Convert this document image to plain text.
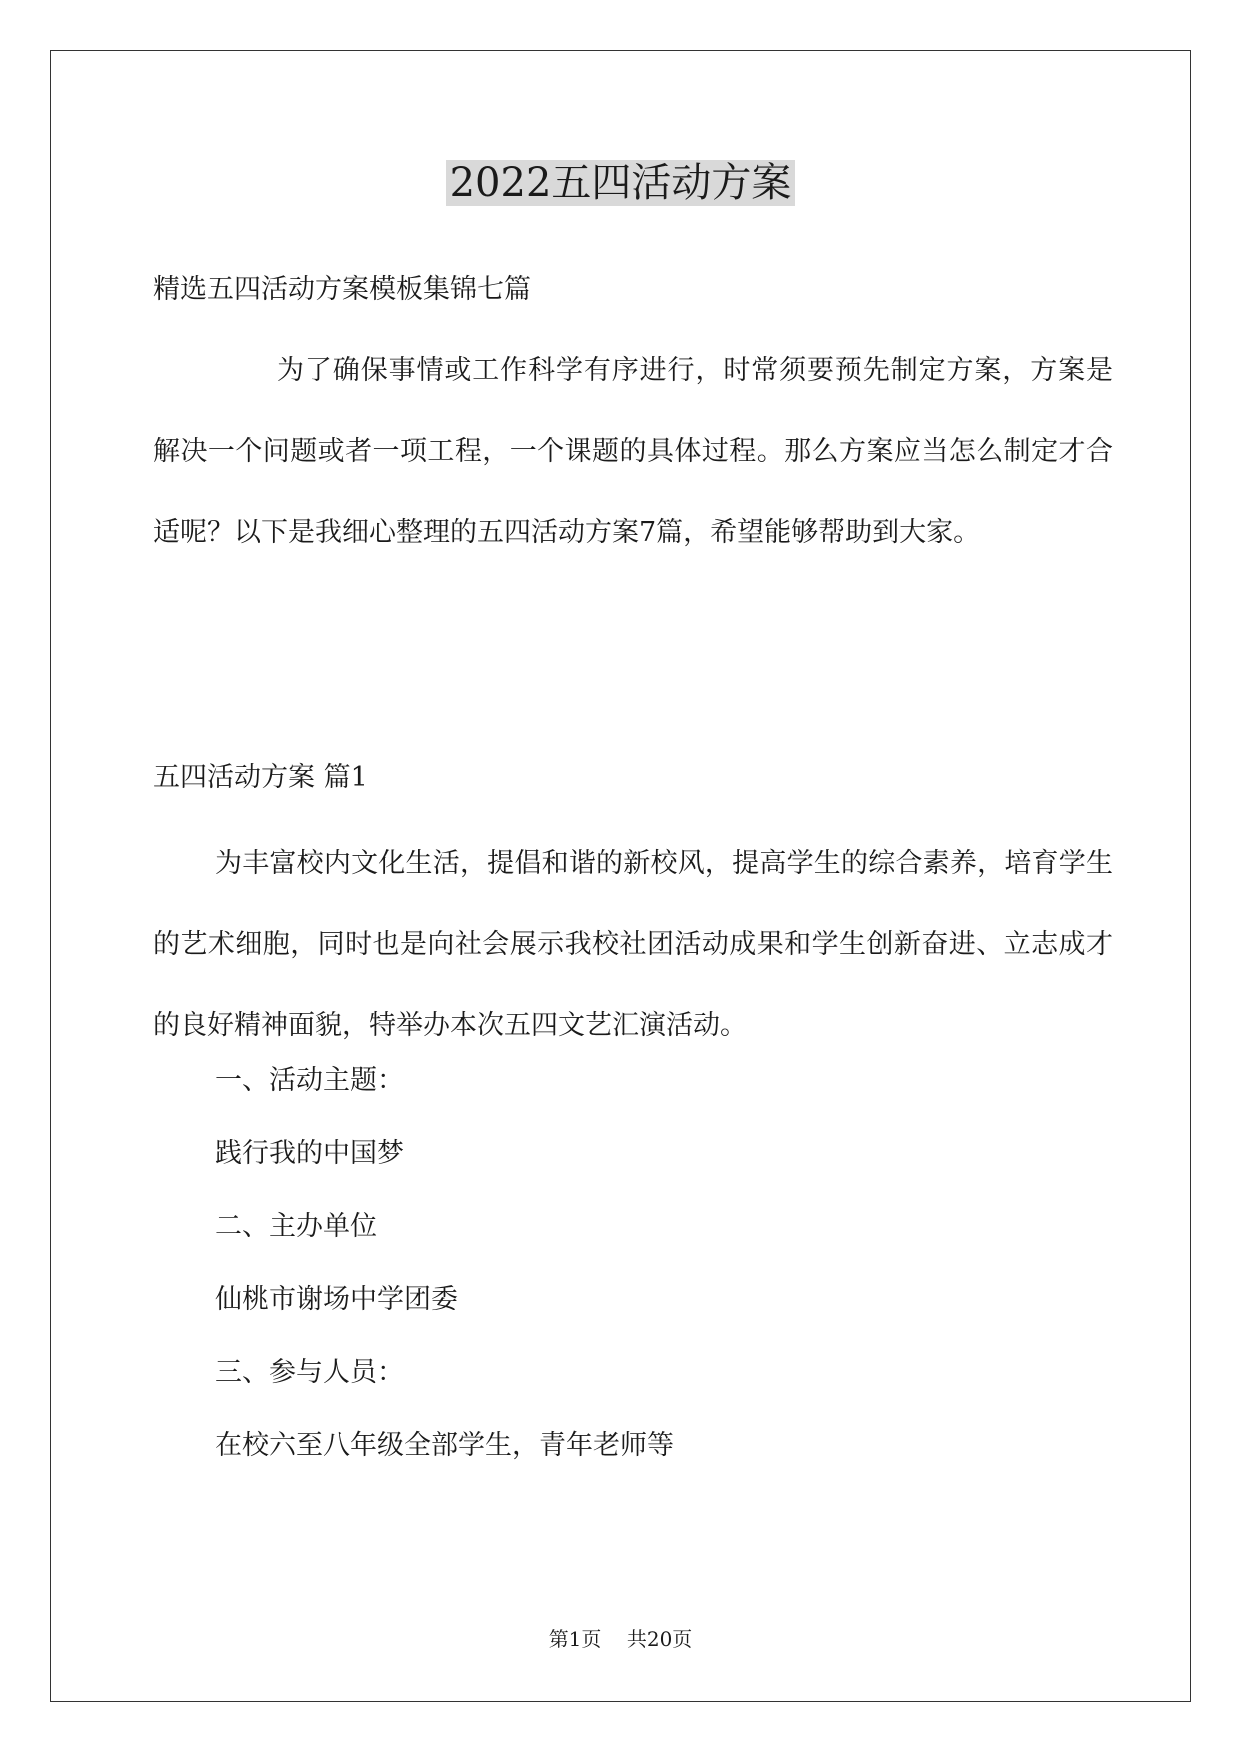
2022五四活动方案
精选五四活动方案模板集锦七篇

为了确保事情或工作科学有序进行，时常须要预先制定方案，方案是解决一个问题或者一项工程，一个课题的具体过程。那么方案应当怎么制定才合适呢？以下是我细心整理的五四活动方案7篇，希望能够帮助到大家。

五四活动方案 篇1

为丰富校内文化生活，提倡和谐的新校风，提高学生的综合素养，培育学生的艺术细胞，同时也是向社会展示我校社团活动成果和学生创新奋进、立志成才的良好精神面貌，特举办本次五四文艺汇演活动。

一、活动主题：
践行我的中国梦
二、主办单位
仙桃市谢场中学团委
三、参与人员：
在校六至八年级全部学生，青年老师等
第1页    共20页
